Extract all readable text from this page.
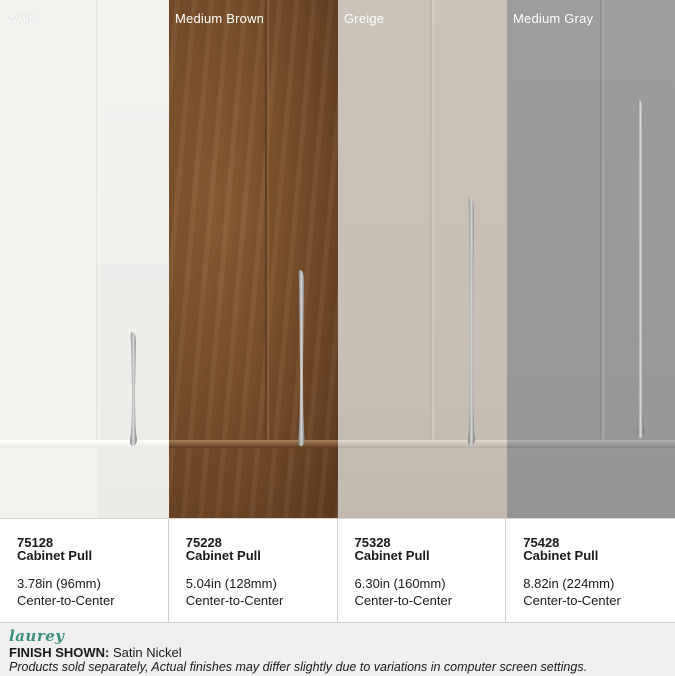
White	Medium Brown	Greige	Medium Gray
75128
Cabinet Pull
3.78in (96mm)
Center-to-Center
75228
Cabinet Pull
5.04in (128mm)
Center-to-Center
75328
Cabinet Pull
6.30in (160mm)
Center-to-Center
75428
Cabinet Pull
8.82in (224mm)
Center-to-Center
laurey
FINISH SHOWN: Satin Nickel
Products sold separately, Actual finishes may differ slightly due to variations in computer screen settings.
